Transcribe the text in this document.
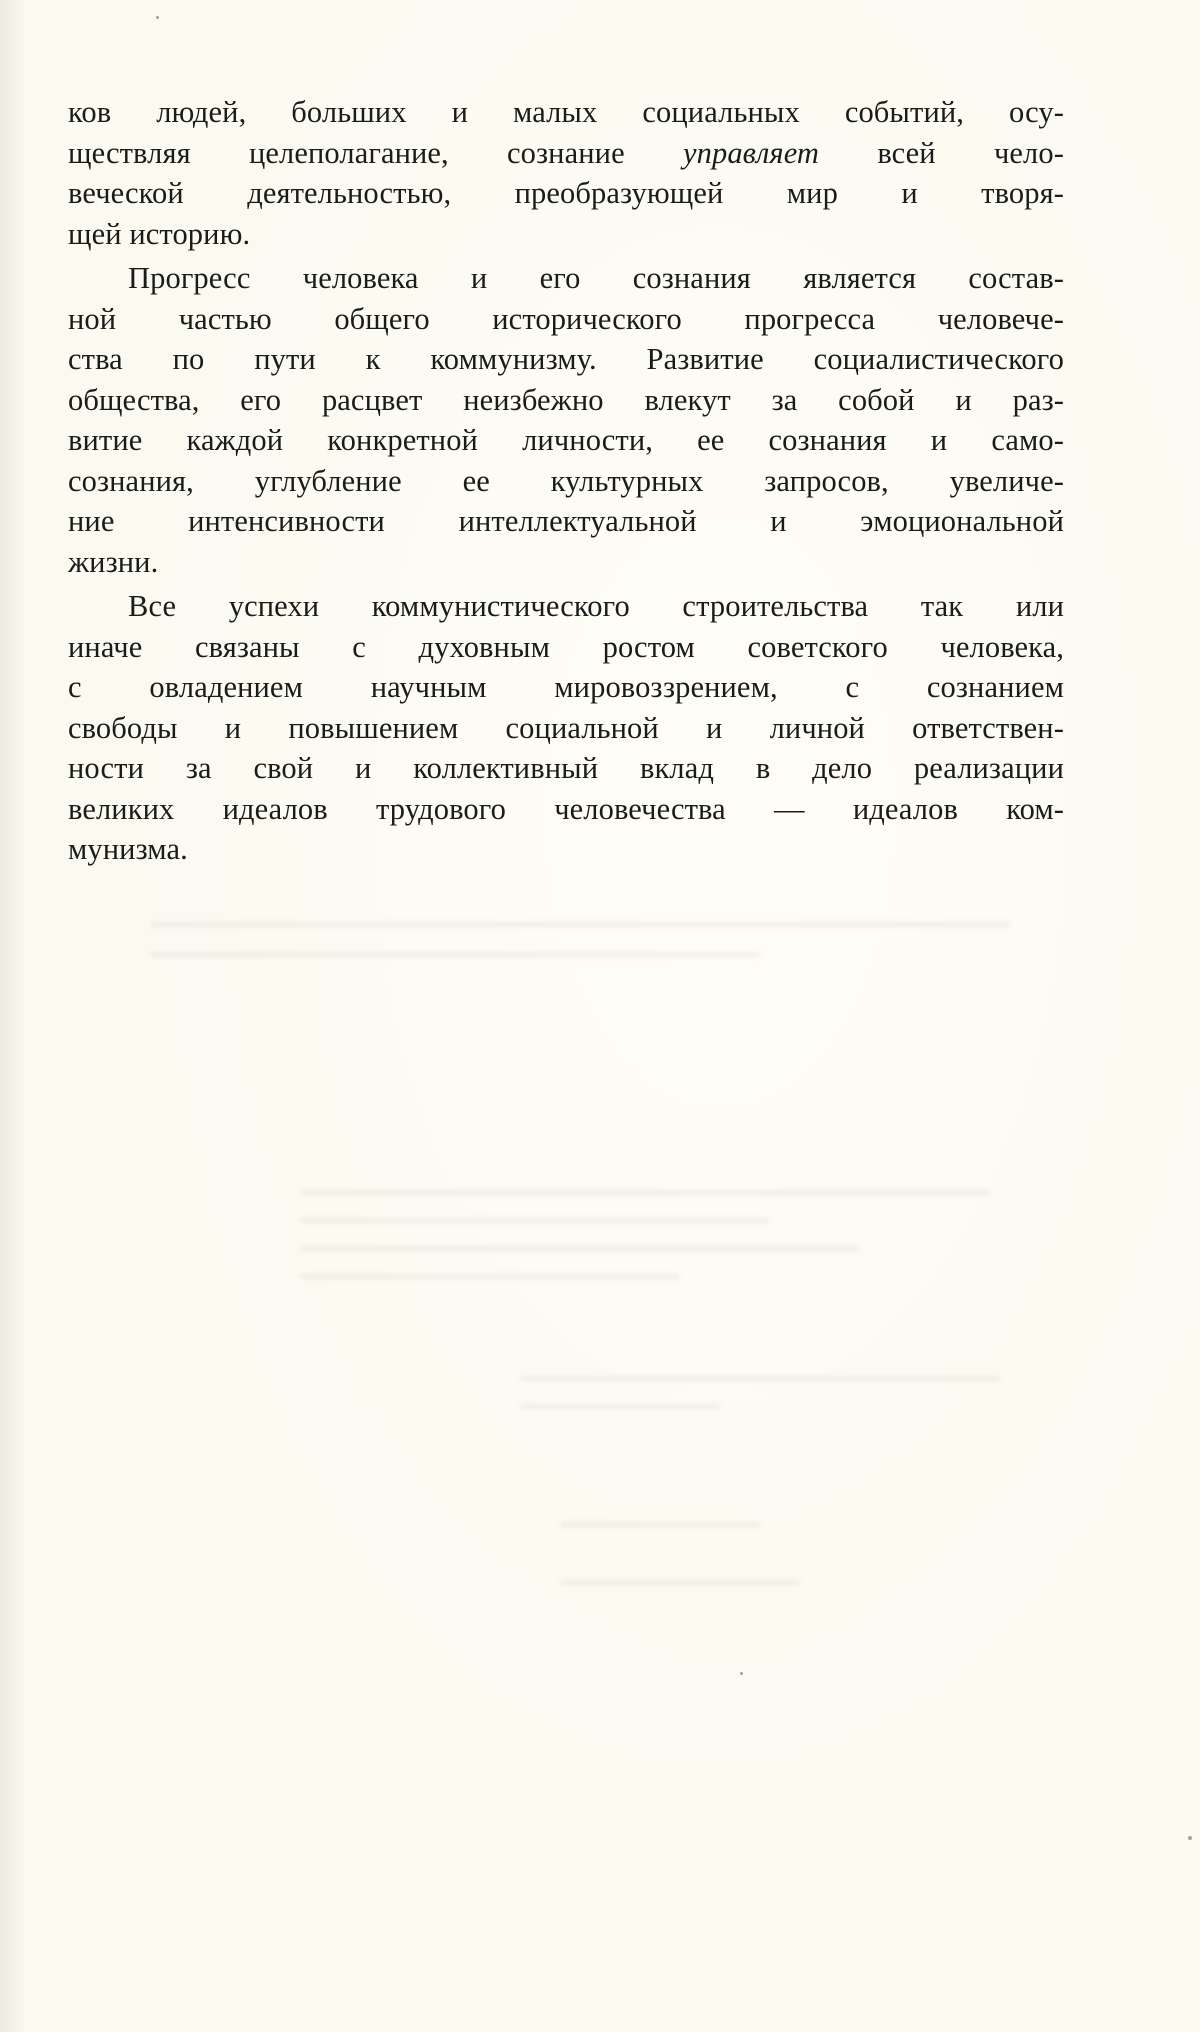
ков людей, больших и малых социальных событий, осу-
ществляя целеполагание, сознание управляет всей чело-
веческой деятельностью, преобразующей мир и творя-
щей историю.
Прогресс человека и его сознания является состав-
ной частью общего исторического прогресса человече-
ства по пути к коммунизму. Развитие социалистического
общества, его расцвет неизбежно влекут за собой и раз-
витие каждой конкретной личности, ее сознания и само-
сознания, углубление ее культурных запросов, увеличе-
ние интенсивности интеллектуальной и эмоциональной
жизни.
Все успехи коммунистического строительства так или
иначе связаны с духовным ростом советского человека,
с овладением научным мировоззрением, с сознанием
свободы и повышением социальной и личной ответствен-
ности за свой и коллективный вклад в дело реализации
великих идеалов трудового человечества — идеалов ком-
мунизма.
